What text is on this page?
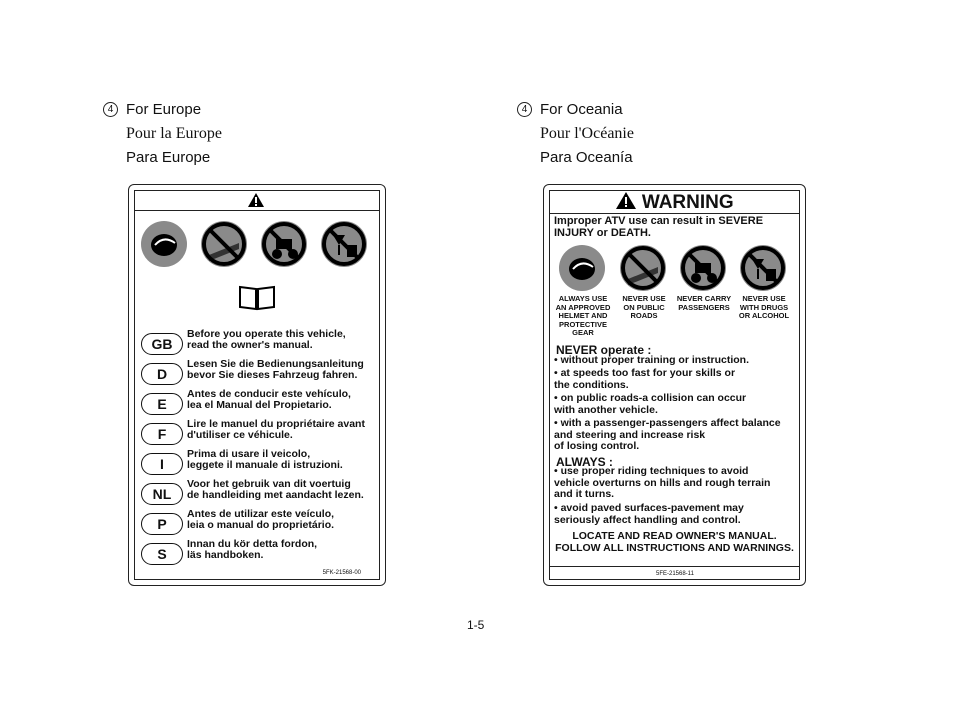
4 For Europe
Pour la Europe
Para Europe
4 For Oceania
Pour l'Océanie
Para Oceanía
GB
Before you operate this vehicle,
read the owner's manual.
D
Lesen Sie die Bedienungsanleitung
bevor Sie dieses Fahrzeug fahren.
E
Antes de conducir este vehículo,
lea el Manual del Propietario.
F
Lire le manuel du propriétaire avant
d'utiliser ce véhicule.
I
Prima di usare il veicolo,
leggete il manuale di istruzioni.
NL
Voor het gebruik van dit voertuig
de handleiding met aandacht lezen.
P
Antes de utilizar este veículo,
leia o manual do proprietário.
S
Innan du kör detta fordon,
läs handboken.
5FK-21568-00
WARNING
Improper ATV use can result in SEVERE
INJURY or DEATH.
ALWAYS USE
AN APPROVED
HELMET AND
PROTECTIVE
GEAR
NEVER USE
ON PUBLIC
ROADS
NEVER CARRY
PASSENGERS
NEVER USE
WITH DRUGS
OR ALCOHOL
NEVER operate :
• without proper training or instruction.
• at speeds too fast for your skills or
the conditions.
• on public roads-a collision can occur
with another vehicle.
• with a passenger-passengers affect balance
and steering and increase risk
of losing control.
ALWAYS :
• use proper riding techniques to avoid
vehicle overturns on hills and rough terrain
and it turns.
• avoid paved surfaces-pavement may
seriously affect handling and control.
LOCATE AND READ OWNER'S MANUAL.
FOLLOW ALL INSTRUCTIONS AND WARNINGS.
5FE-21568-11
1-5
